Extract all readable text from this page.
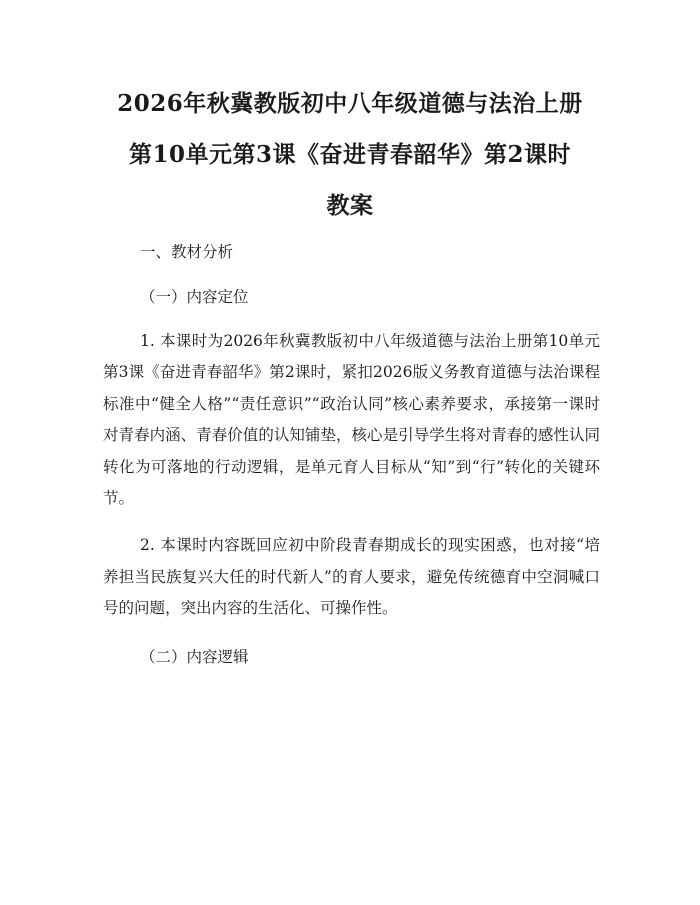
2026年秋冀教版初中八年级道德与法治上册
第10单元第3课《奋进青春韶华》第2课时
教案
一、教材分析
（一）内容定位
1. 本课时为2026年秋冀教版初中八年级道德与法治上册第10单元第3课《奋进青春韶华》第2课时，紧扣2026版义务教育道德与法治课程标准中“健全人格”“责任意识”“政治认同”核心素养要求，承接第一课时对青春内涵、青春价值的认知铺垫，核心是引导学生将对青春的感性认同转化为可落地的行动逻辑，是单元育人目标从“知”到“行”转化的关键环节。
2. 本课时内容既回应初中阶段青春期成长的现实困惑，也对接“培养担当民族复兴大任的时代新人”的育人要求，避免传统德育中空洞喊口号的问题，突出内容的生活化、可操作性。
（二）内容逻辑
